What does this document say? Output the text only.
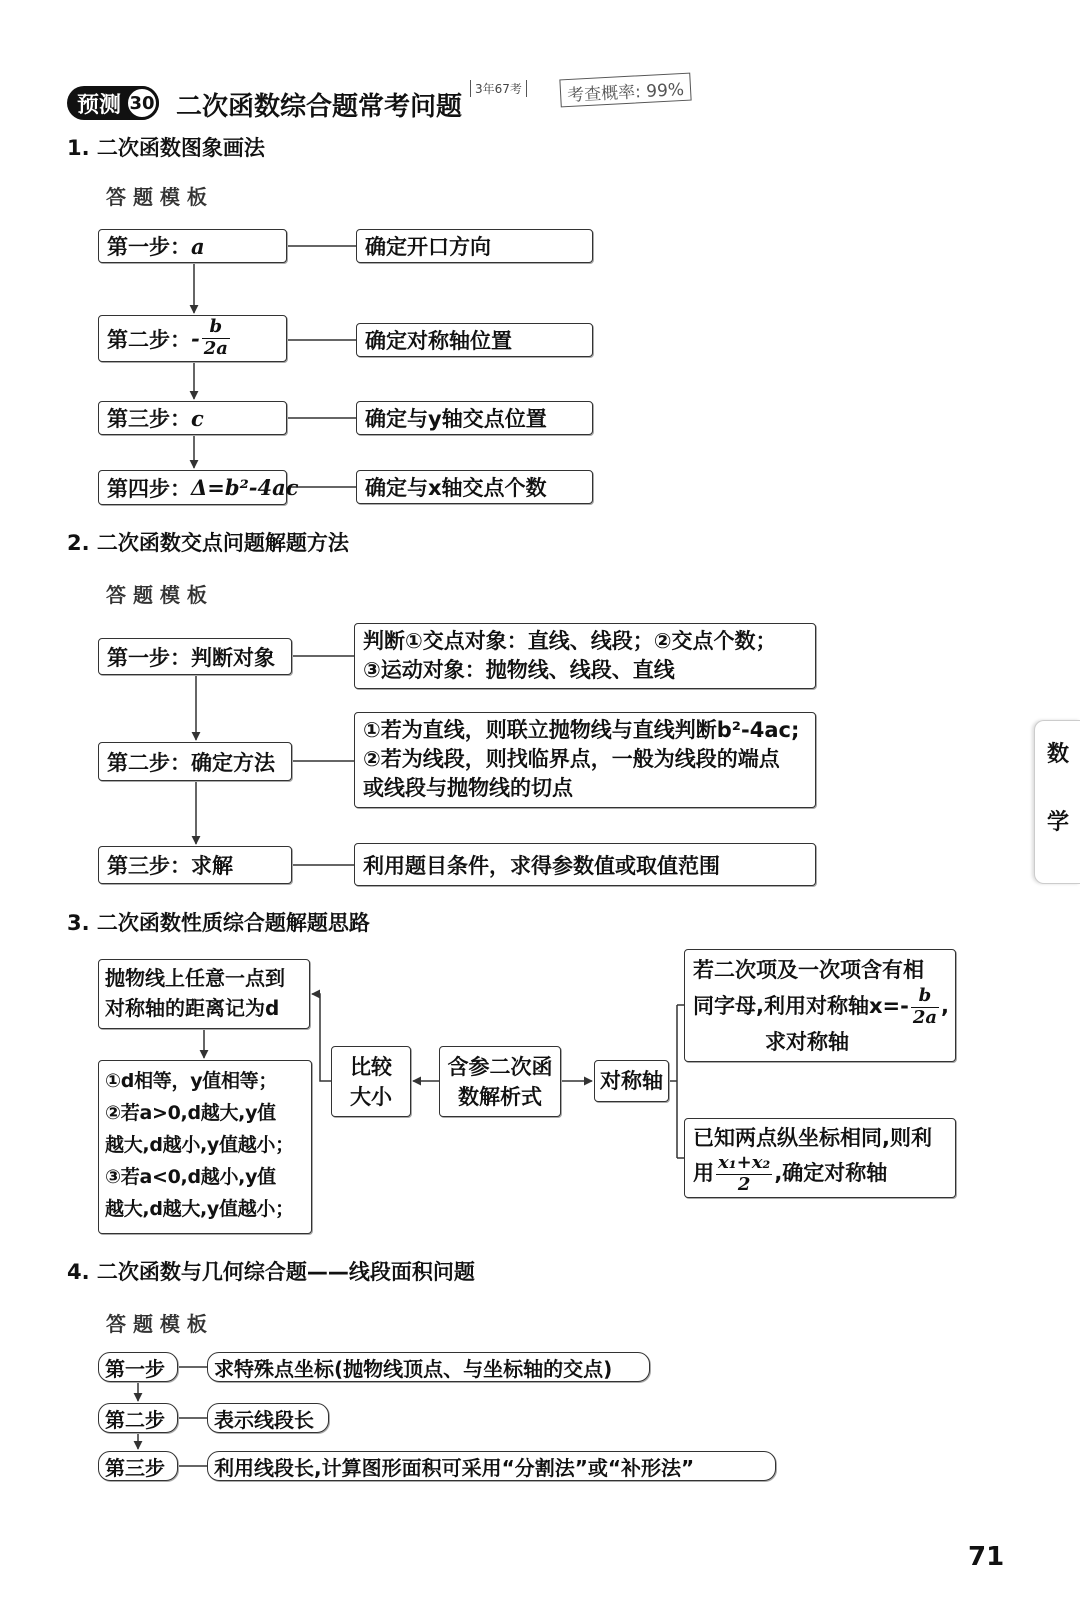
预测 30 二次函数综合题常考问题
3年67考	考查概率: 99%
1. 二次函数图象画法
答 题 模 板
第一步： a
第二步： - $\frac{b}{2a}$
第三步： c
第四步： Δ=b²-4ac
确定开口方向
确定对称轴位置
确定与y轴交点位置
确定与x轴交点个数
2. 二次函数交点问题解题方法
答 题 模 板
第一步：判断对象
第二步：确定方法
第三步：求解
判断①交点对象：直线、线段；②交点个数；
③运动对象：抛物线、线段、直线
①若为直线，则联立抛物线与直线判断b²-4ac;
②若为线段，则找临界点，一般为线段的端点
或线段与抛物线的切点
利用题目条件，求得参数值或取值范围
3. 二次函数性质综合题解题思路
抛物线上任意一点到
对称轴的距离记为d
①d相等，y值相等；
②若a>0,d越大,y值
越大,d越小,y值越小；
③若a<0,d越小,y值
越大,d越大,y值越小；
比较
大小
含参二次函
数解析式
对称轴
若二次项及一次项含有相
同字母,利用对称轴$x=- \frac{b}{2a}$ ,
求对称轴
已知两点纵坐标相同,则利
用 $\frac{\text{x₁+x₂}}{2}$ ,确定对称轴
4. 二次函数与几何综合题——线段面积问题
答 题 模 板
第一步
第二步
第三步
求特殊点坐标(抛物线顶点、与坐标轴的交点)
表示线段长
利用线段长,计算图形面积可采用“分割法”或“补形法”
数
学
71
